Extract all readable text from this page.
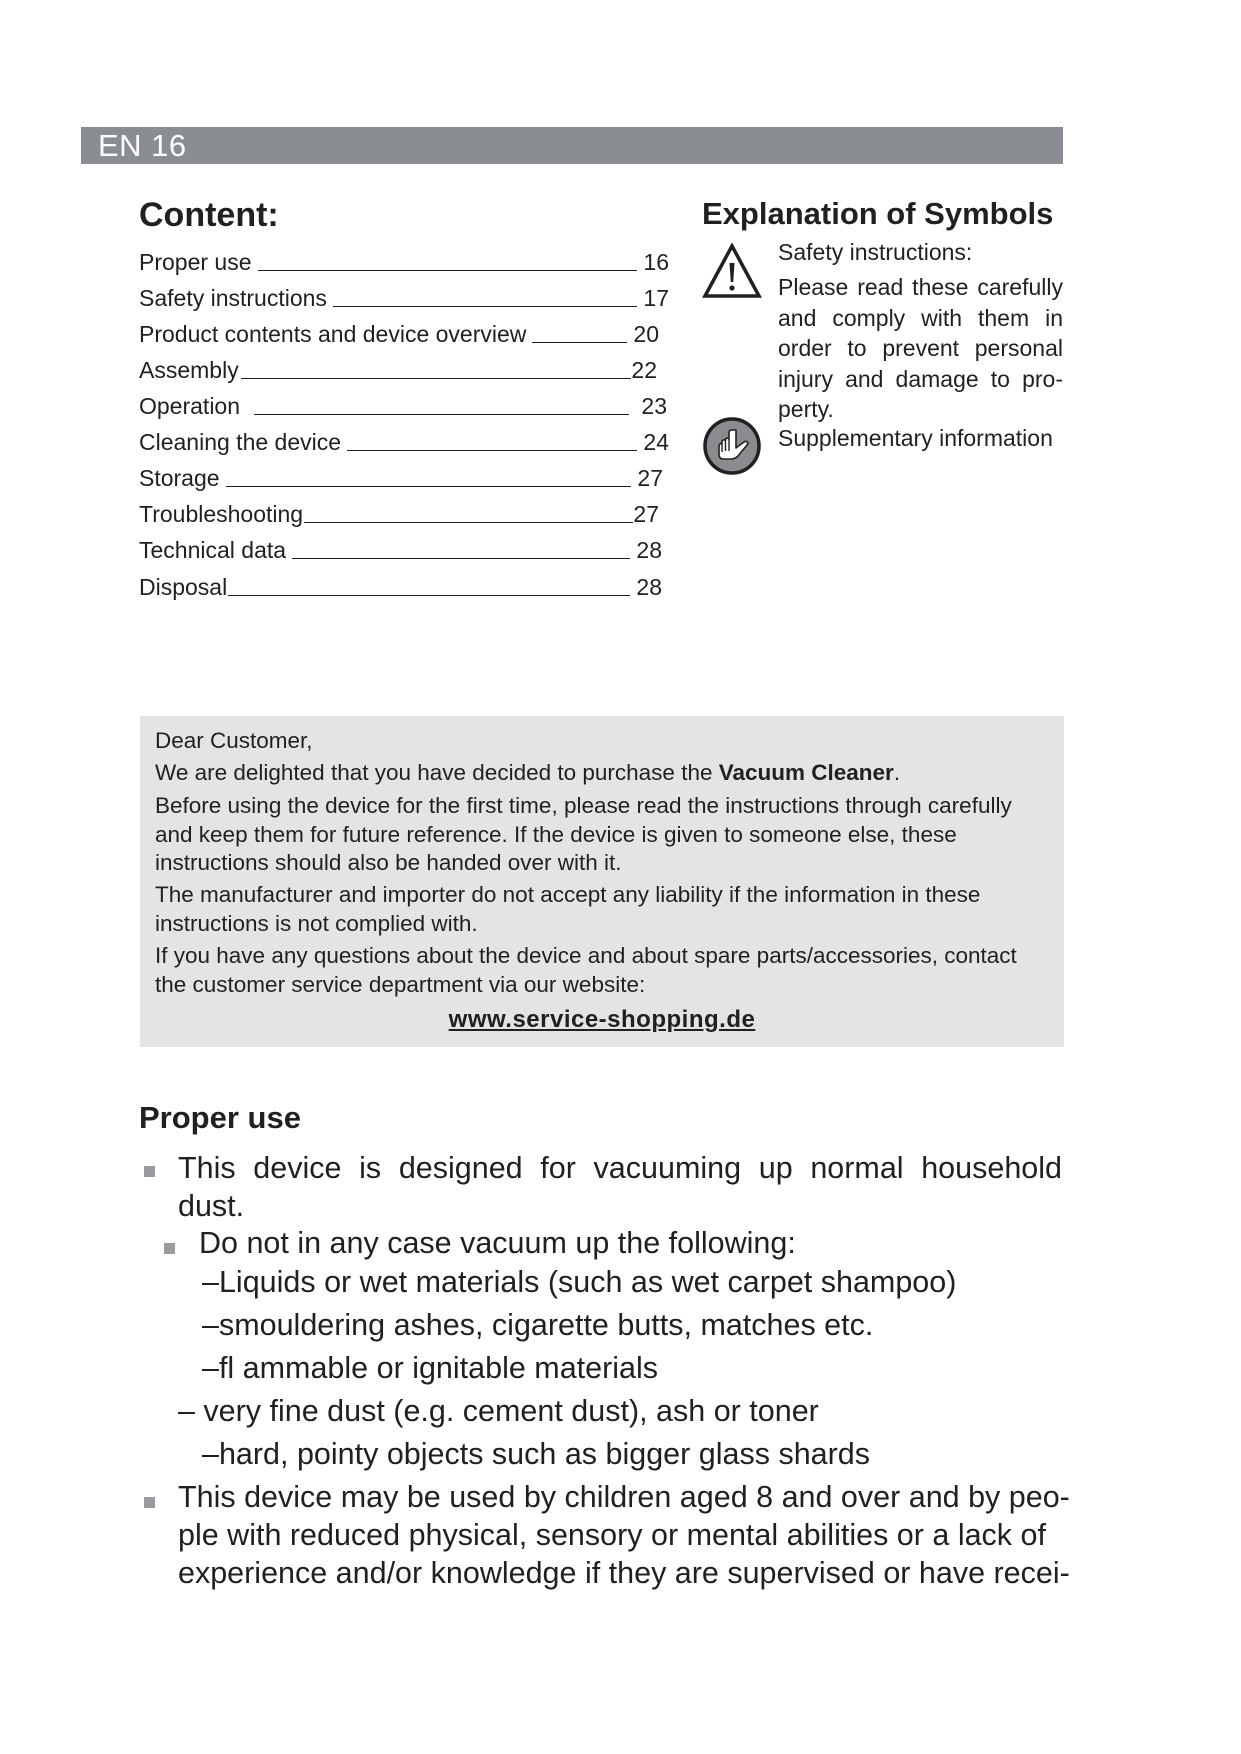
EN 16
Content:
Proper use	16
Safety instructions	17
Product contents and device overview	20
Assembly	22
Operation	23
Cleaning the device	24
Storage	27
Troubleshooting	27
Technical data	28
Disposal	28
Explanation of Symbols
Safety instructions:
Please read these carefully and comply with them in order to prevent personal injury and damage to property.
Supplementary information
Dear Customer,
We are delighted that you have decided to purchase the Vacuum Cleaner.
Before using the device for the first time, please read the instructions through carefully and keep them for future reference. If the device is given to someone else, these instructions should also be handed over with it.
The manufacturer and importer do not accept any liability if the information in these instructions is not complied with.
If you have any questions about the device and about spare parts/accessories, contact the customer service department via our website:
www.service-shopping.de
Proper use
This device is designed for vacuuming up normal household dust.
Do not in any case vacuum up the following:
–Liquids or wet materials (such as wet carpet shampoo)
–smouldering ashes, cigarette butts, matches etc.
–fl ammable or ignitable materials
– very fine dust (e.g. cement dust), ash or toner
–hard, pointy objects such as bigger glass shards
This device may be used by children aged 8 and over and by peo-ple with reduced physical, sensory or mental abilities or a lack of experience and/or knowledge if they are supervised or have recei-
